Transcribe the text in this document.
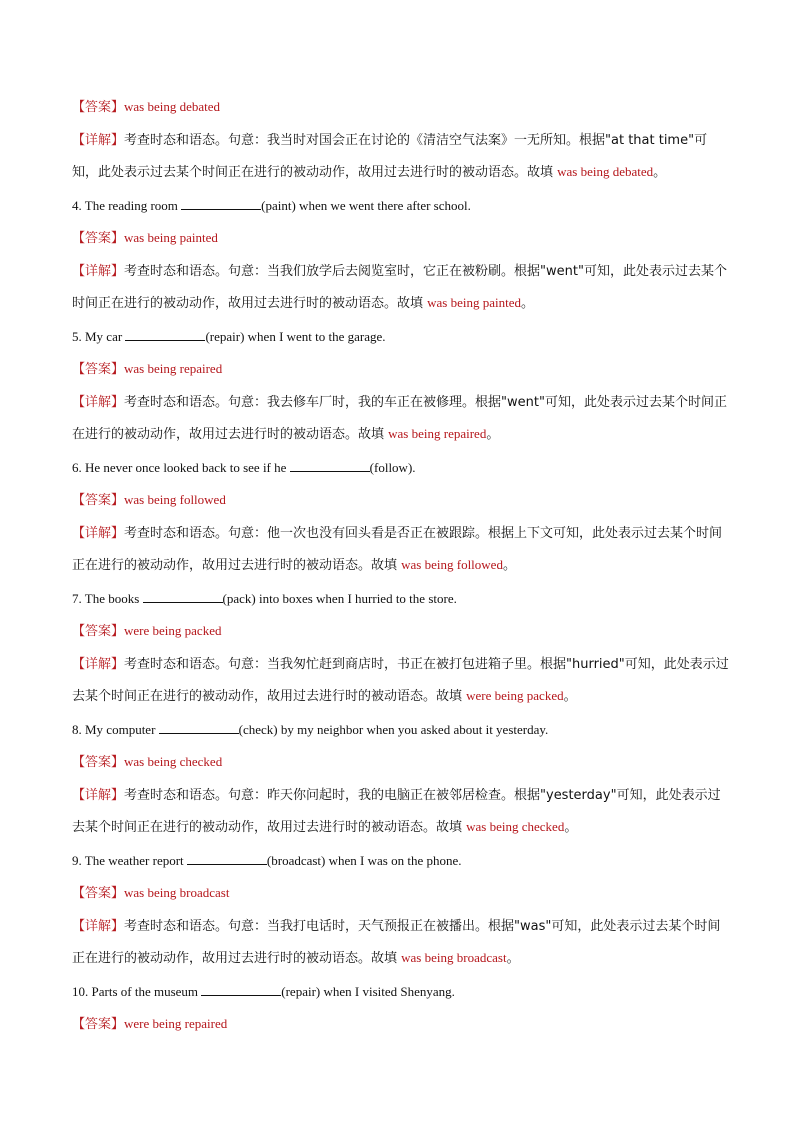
【答案】was being debated

【详解】考查时态和语态。句意：我当时对国会正在讨论的《清洁空气法案》一无所知。根据"at that time"可知，此处表示过去某个时间正在进行的被动动作，故用过去进行时的被动语态。故填 was being debated。

4. The reading room	(paint) when we went there after school.

【答案】was being painted

【详解】考查时态和语态。句意：当我们放学后去阅览室时，它正在被粉刷。根据"went"可知，此处表示过去某个时间正在进行的被动动作，故用过去进行时的被动语态。故填 was being painted。

5. My car	(repair) when I went to the garage.

【答案】was being repaired

【详解】考查时态和语态。句意：我去修车厂时，我的车正在被修理。根据"went"可知，此处表示过去某个时间正在进行的被动动作，故用过去进行时的被动语态。故填 was being repaired。

6. He never once looked back to see if he	(follow).

【答案】was being followed

【详解】考查时态和语态。句意：他一次也没有回头看是否正在被跟踪。根据上下文可知，此处表示过去某个时间正在进行的被动动作，故用过去进行时的被动语态。故填 was being followed。

7. The books	(pack) into boxes when I hurried to the store.

【答案】were being packed

【详解】考查时态和语态。句意：当我匆忙赶到商店时，书正在被打包进箱子里。根据"hurried"可知，此处表示过去某个时间正在进行的被动动作，故用过去进行时的被动语态。故填 were being packed。

8. My computer	(check) by my neighbor when you asked about it yesterday.

【答案】was being checked

【详解】考查时态和语态。句意：昨天你问起时，我的电脑正在被邻居检查。根据"yesterday"可知，此处表示过去某个时间正在进行的被动动作，故用过去进行时的被动语态。故填 was being checked。

9. The weather report	(broadcast) when I was on the phone.

【答案】was being broadcast

【详解】考查时态和语态。句意：当我打电话时，天气预报正在被播出。根据"was"可知，此处表示过去某个时间正在进行的被动动作，故用过去进行时的被动语态。故填 was being broadcast。

10. Parts of the museum	(repair) when I visited Shenyang.

【答案】were being repaired
